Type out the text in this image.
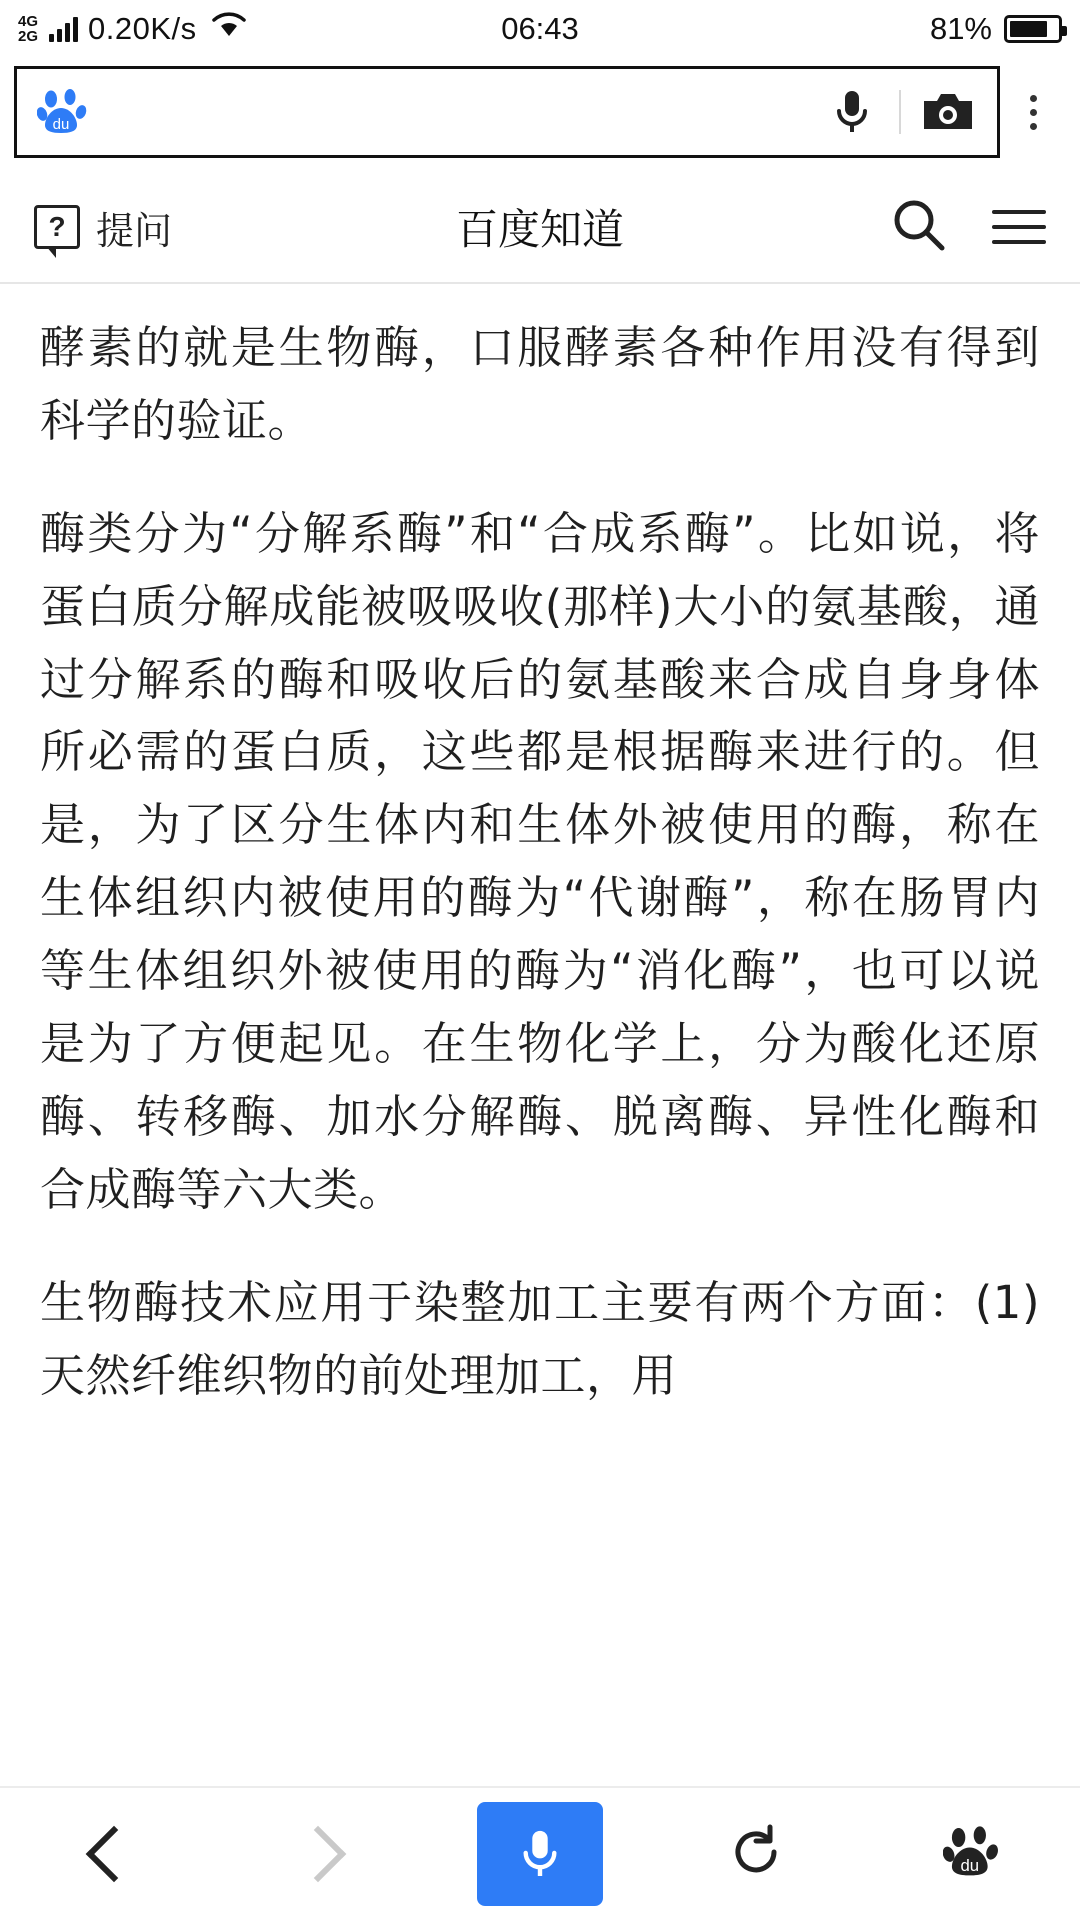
4G
2G 0.20K/s	06:43	81%
du
? 提问	百度知道

酵素的就是生物酶，口服酵素各种作用没有得到科学的验证。

酶类分为“分解系酶”和“合成系酶”。比如说，将蛋白质分解成能被吸吸收(那样)大小的氨基酸，通过分解系的酶和吸收后的氨基酸来合成自身身体所必需的蛋白质，这些都是根据酶来进行的。但是，为了区分生体内和生体外被使用的酶，称在生体组织内被使用的酶为“代谢酶”，称在肠胃内等生体组织外被使用的酶为“消化酶”，也可以说是为了方便起见。在生物化学上，分为酸化还原酶、转移酶、加水分解酶、脱离酶、异性化酶和合成酶等六大类。

生物酶技术应用于染整加工主要有两个方面：(1)天然纤维织物的前处理加工，用

du
